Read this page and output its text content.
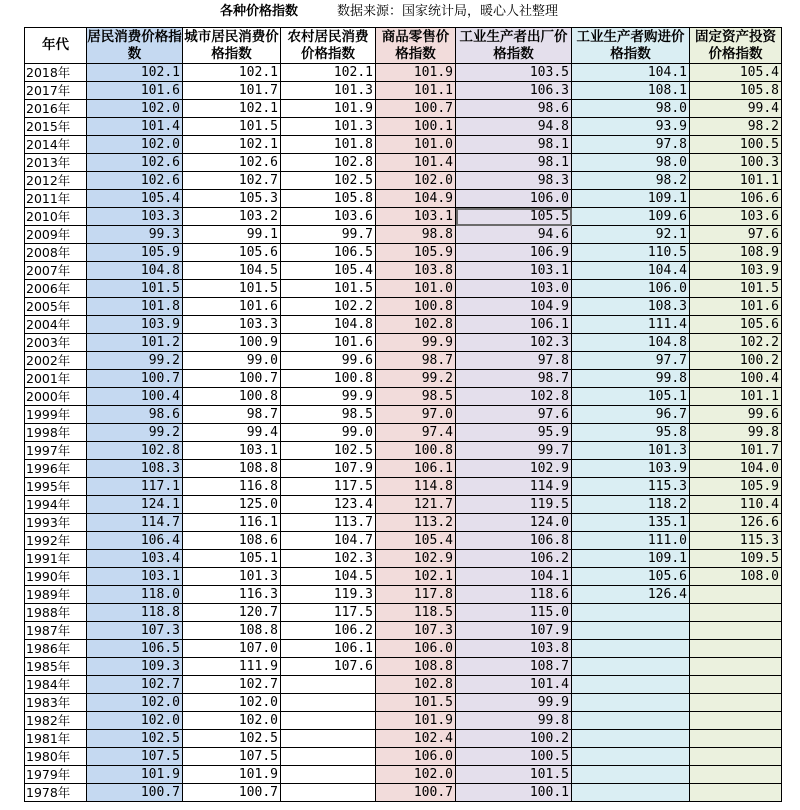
各种价格指数	数据来源：国家统计局，暖心人社整理
年代	居民消费价格指数	城市居民消费价格指数	农村居民消费价格指数	商品零售价格指数	工业生产者出厂价格指数	工业生产者购进价格指数	固定资产投资价格指数
2018年	102.1	102.1	102.1	101.9	103.5	104.1	105.4
2017年	101.6	101.7	101.3	101.1	106.3	108.1	105.8
2016年	102.0	102.1	101.9	100.7	98.6	98.0	99.4
2015年	101.4	101.5	101.3	100.1	94.8	93.9	98.2
2014年	102.0	102.1	101.8	101.0	98.1	97.8	100.5
2013年	102.6	102.6	102.8	101.4	98.1	98.0	100.3
2012年	102.6	102.7	102.5	102.0	98.3	98.2	101.1
2011年	105.4	105.3	105.8	104.9	106.0	109.1	106.6
2010年	103.3	103.2	103.6	103.1	105.5	109.6	103.6
2009年	99.3	99.1	99.7	98.8	94.6	92.1	97.6
2008年	105.9	105.6	106.5	105.9	106.9	110.5	108.9
2007年	104.8	104.5	105.4	103.8	103.1	104.4	103.9
2006年	101.5	101.5	101.5	101.0	103.0	106.0	101.5
2005年	101.8	101.6	102.2	100.8	104.9	108.3	101.6
2004年	103.9	103.3	104.8	102.8	106.1	111.4	105.6
2003年	101.2	100.9	101.6	99.9	102.3	104.8	102.2
2002年	99.2	99.0	99.6	98.7	97.8	97.7	100.2
2001年	100.7	100.7	100.8	99.2	98.7	99.8	100.4
2000年	100.4	100.8	99.9	98.5	102.8	105.1	101.1
1999年	98.6	98.7	98.5	97.0	97.6	96.7	99.6
1998年	99.2	99.4	99.0	97.4	95.9	95.8	99.8
1997年	102.8	103.1	102.5	100.8	99.7	101.3	101.7
1996年	108.3	108.8	107.9	106.1	102.9	103.9	104.0
1995年	117.1	116.8	117.5	114.8	114.9	115.3	105.9
1994年	124.1	125.0	123.4	121.7	119.5	118.2	110.4
1993年	114.7	116.1	113.7	113.2	124.0	135.1	126.6
1992年	106.4	108.6	104.7	105.4	106.8	111.0	115.3
1991年	103.4	105.1	102.3	102.9	106.2	109.1	109.5
1990年	103.1	101.3	104.5	102.1	104.1	105.6	108.0
1989年	118.0	116.3	119.3	117.8	118.6	126.4	
1988年	118.8	120.7	117.5	118.5	115.0		
1987年	107.3	108.8	106.2	107.3	107.9		
1986年	106.5	107.0	106.1	106.0	103.8		
1985年	109.3	111.9	107.6	108.8	108.7		
1984年	102.7	102.7		102.8	101.4		
1983年	102.0	102.0		101.5	99.9		
1982年	102.0	102.0		101.9	99.8		
1981年	102.5	102.5		102.4	100.2		
1980年	107.5	107.5		106.0	100.5		
1979年	101.9	101.9		102.0	101.5		
1978年	100.7	100.7		100.7	100.1		
